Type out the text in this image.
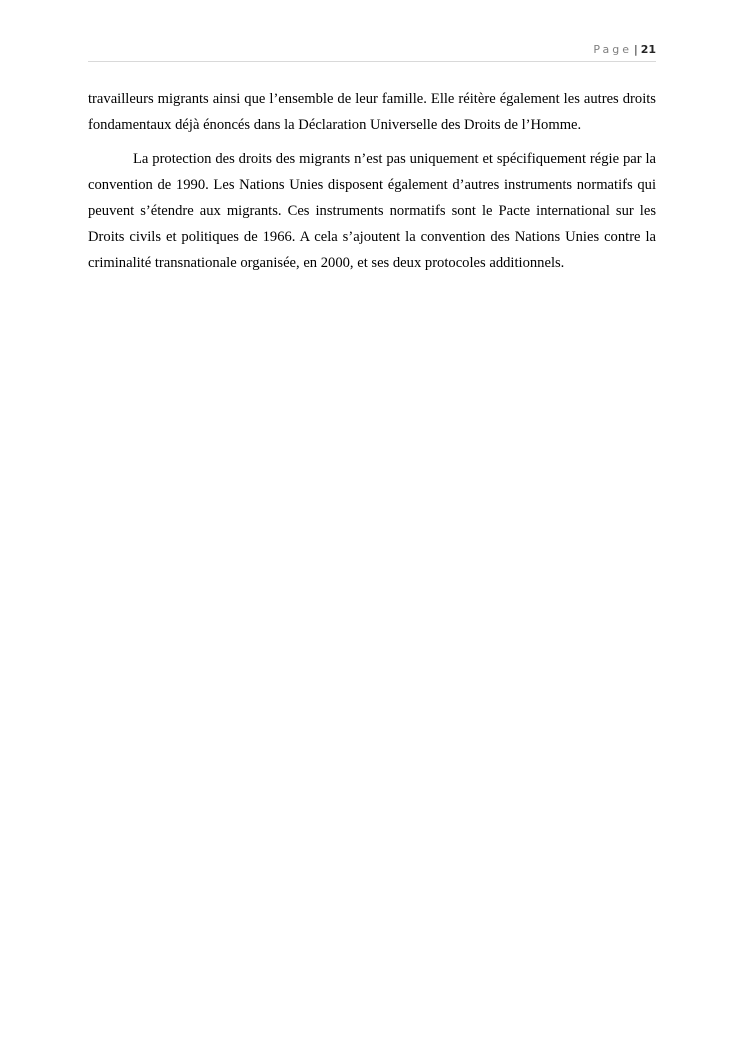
Page | 21

travailleurs migrants ainsi que l’ensemble de leur famille. Elle réitère également les autres droits fondamentaux déjà énoncés dans la Déclaration Universelle des Droits de l’Homme.

La protection des droits des migrants n’est pas uniquement et spécifiquement régie par la convention de 1990. Les Nations Unies disposent également d’autres instruments normatifs qui peuvent s’étendre aux migrants. Ces instruments normatifs sont le Pacte international sur les Droits civils et politiques de 1966. A cela s’ajoutent la convention des Nations Unies contre la criminalité transnationale organisée, en 2000, et ses deux protocoles additionnels.
